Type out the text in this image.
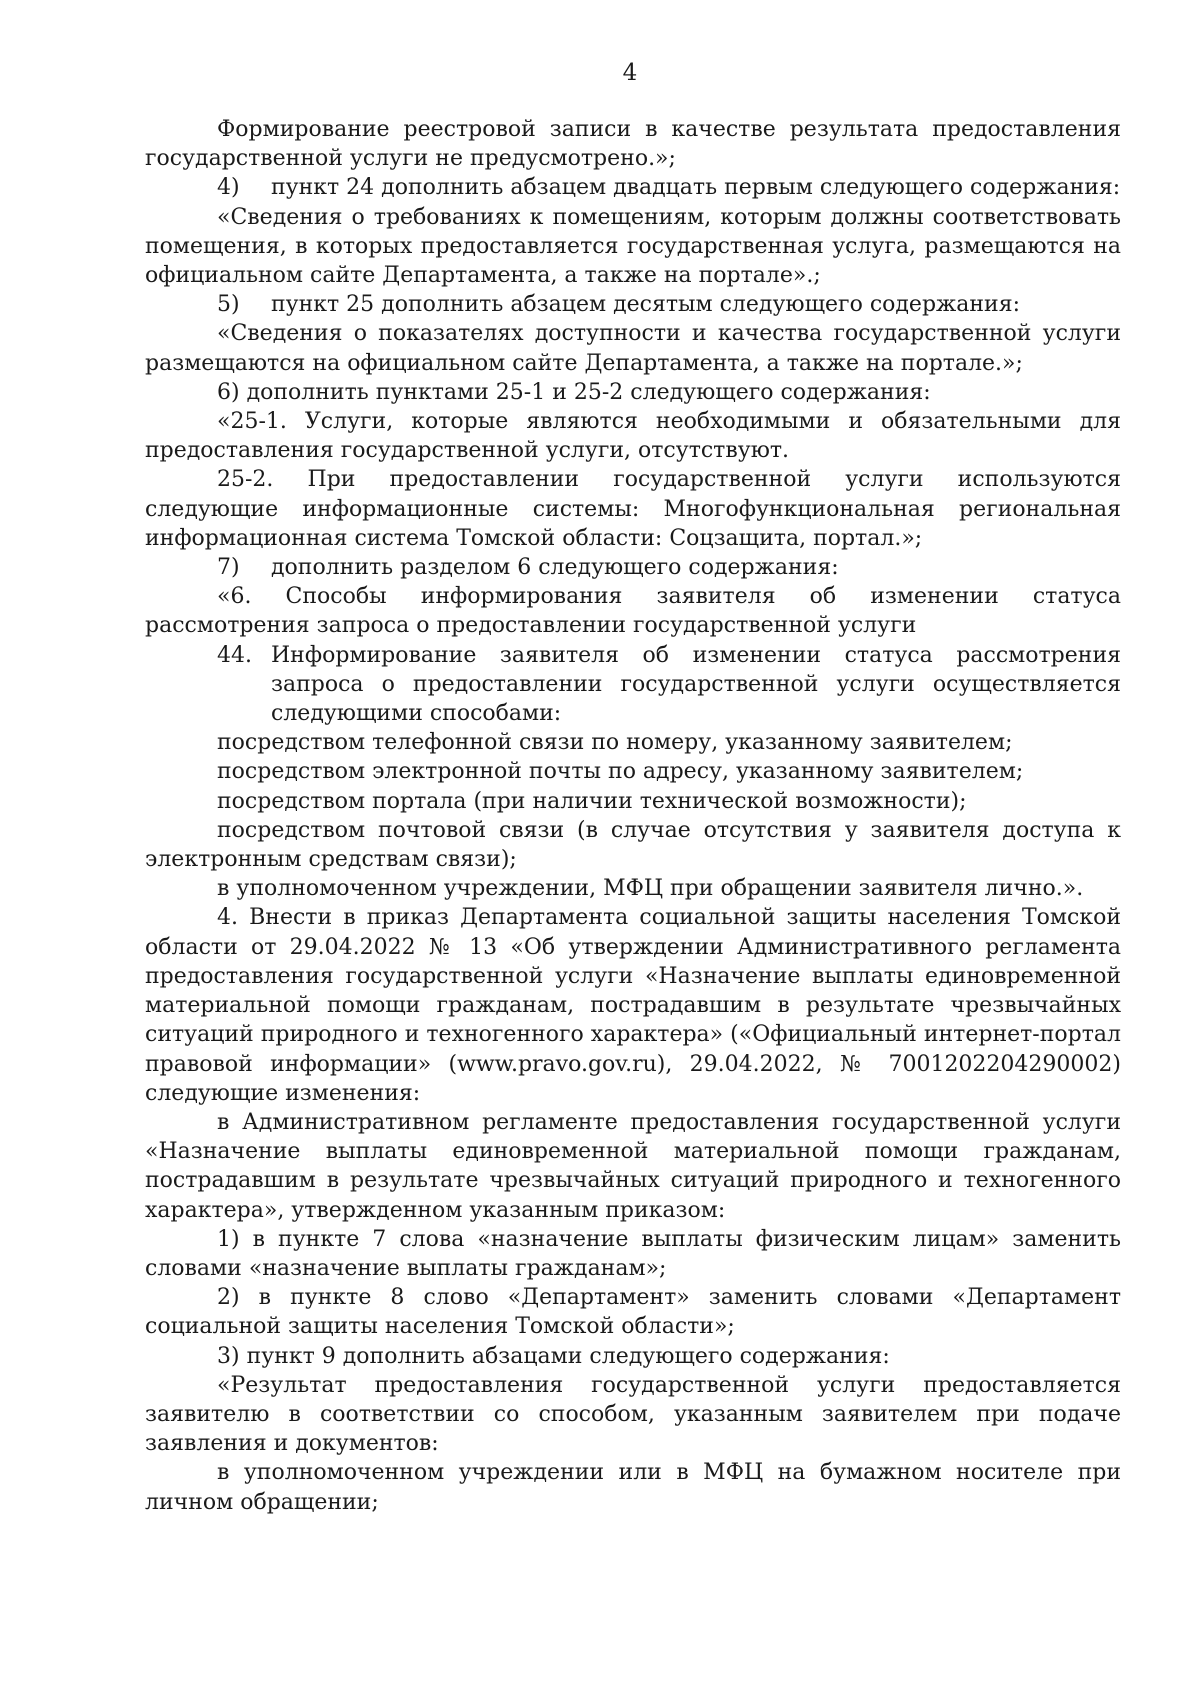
4

Формирование реестровой записи в качестве результата предоставления государственной услуги не предусмотрено.»;

4)	пункт 24 дополнить абзацем двадцать первым следующего содержания:

«Сведения о требованиях к помещениям, которым должны соответствовать помещения, в которых предоставляется государственная услуга, размещаются на официальном сайте Департамента, а также на портале».;

5)	пункт 25 дополнить абзацем десятым следующего содержания:

«Сведения о показателях доступности и качества государственной услуги размещаются на официальном сайте Департамента, а также на портале.»;

6) дополнить пунктами 25-1 и 25-2 следующего содержания:

«25-1. Услуги, которые являются необходимыми и обязательными для предоставления государственной услуги, отсутствуют.

25-2. При предоставлении государственной услуги используются следующие информационные системы: Многофункциональная региональная информационная система Томской области: Соцзащита, портал.»;

7)	дополнить разделом 6 следующего содержания:

«6. Способы информирования заявителя об изменении статуса рассмотрения запроса о предоставлении государственной услуги

44. Информирование заявителя об изменении статуса рассмотрения запроса о предоставлении государственной услуги осуществляется следующими способами:

посредством телефонной связи по номеру, указанному заявителем;

посредством электронной почты по адресу, указанному заявителем;

посредством портала (при наличии технической возможности);

посредством почтовой связи (в случае отсутствия у заявителя доступа к электронным средствам связи);

в уполномоченном учреждении, МФЦ при обращении заявителя лично.».

4. Внести в приказ Департамента социальной защиты населения Томской области от 29.04.2022 № 13 «Об утверждении Административного регламента предоставления государственной услуги «Назначение выплаты единовременной материальной помощи гражданам, пострадавшим в результате чрезвычайных ситуаций природного и техногенного характера» («Официальный интернет-портал правовой информации» (www.pravo.gov.ru), 29.04.2022, № 7001202204290002) следующие изменения:

в Административном регламенте предоставления государственной услуги «Назначение выплаты единовременной материальной помощи гражданам, пострадавшим в результате чрезвычайных ситуаций природного и техногенного характера», утвержденном указанным приказом:

1) в пункте 7 слова «назначение выплаты физическим лицам» заменить словами «назначение выплаты гражданам»;

2) в пункте 8 слово «Департамент» заменить словами «Департамент социальной защиты населения Томской области»;

3) пункт 9 дополнить абзацами следующего содержания:

«Результат предоставления государственной услуги предоставляется заявителю в соответствии со способом, указанным заявителем при подаче заявления и документов:

в уполномоченном учреждении или в МФЦ на бумажном носителе при личном обращении;
